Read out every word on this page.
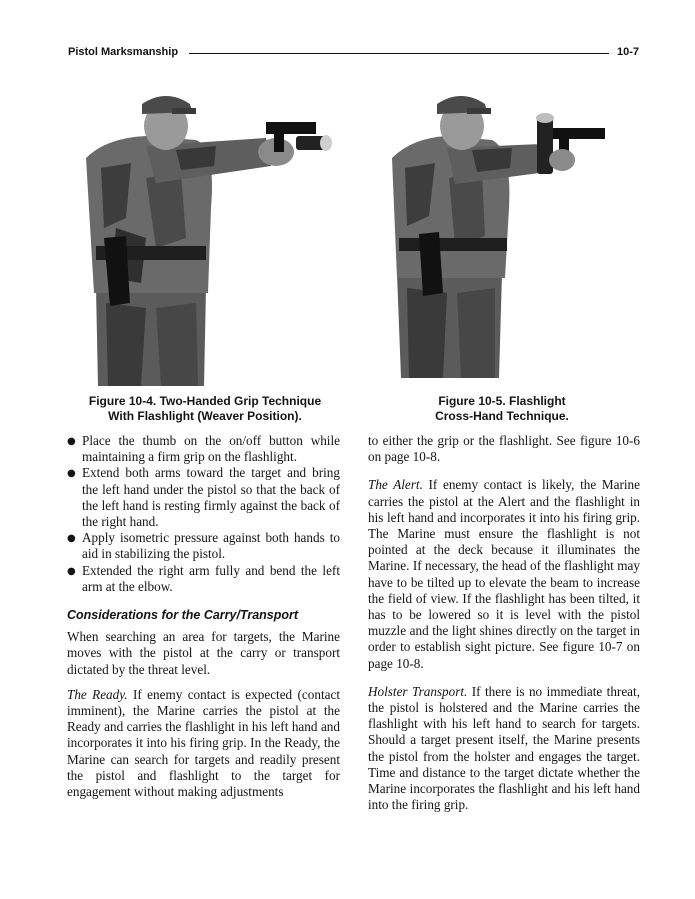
Pistol Marksmanship	10-7
Figure 10-4. Two-Handed Grip Technique
With Flashlight (Weaver Position).
Figure 10-5. Flashlight
Cross-Hand Technique.
● Place the thumb on the on/off button while maintaining a firm grip on the flashlight.
● Extend both arms toward the target and bring the left hand under the pistol so that the back of the left hand is resting firmly against the back of the right hand.
● Apply isometric pressure against both hands to aid in stabilizing the pistol.
● Extended the right arm fully and bend the left arm at the elbow.
Considerations for the Carry/Transport

When searching an area for targets, the Marine moves with the pistol at the carry or transport dictated by the threat level.

The Ready. If enemy contact is expected (contact imminent), the Marine carries the pistol at the Ready and carries the flashlight in his left hand and incorporates it into his firing grip. In the Ready, the Marine can search for targets and readily present the pistol and flashlight to the target for engagement without making adjustments

to either the grip or the flashlight. See figure 10-6 on page 10-8.

The Alert. If enemy contact is likely, the Marine carries the pistol at the Alert and the flashlight in his left hand and incorporates it into his firing grip. The Marine must ensure the flashlight is not pointed at the deck because it illuminates the Marine. If necessary, the head of the flashlight may have to be tilted up to elevate the beam to increase the field of view. If the flashlight has been tilted, it has to be lowered so it is level with the pistol muzzle and the light shines directly on the target in order to establish sight picture. See figure 10-7 on page 10-8.

Holster Transport. If there is no immediate threat, the pistol is holstered and the Marine carries the flashlight with his left hand to search for targets. Should a target present itself, the Marine presents the pistol from the holster and engages the target. Time and distance to the target dictate whether the Marine incorporates the flashlight and his left hand into the firing grip.
